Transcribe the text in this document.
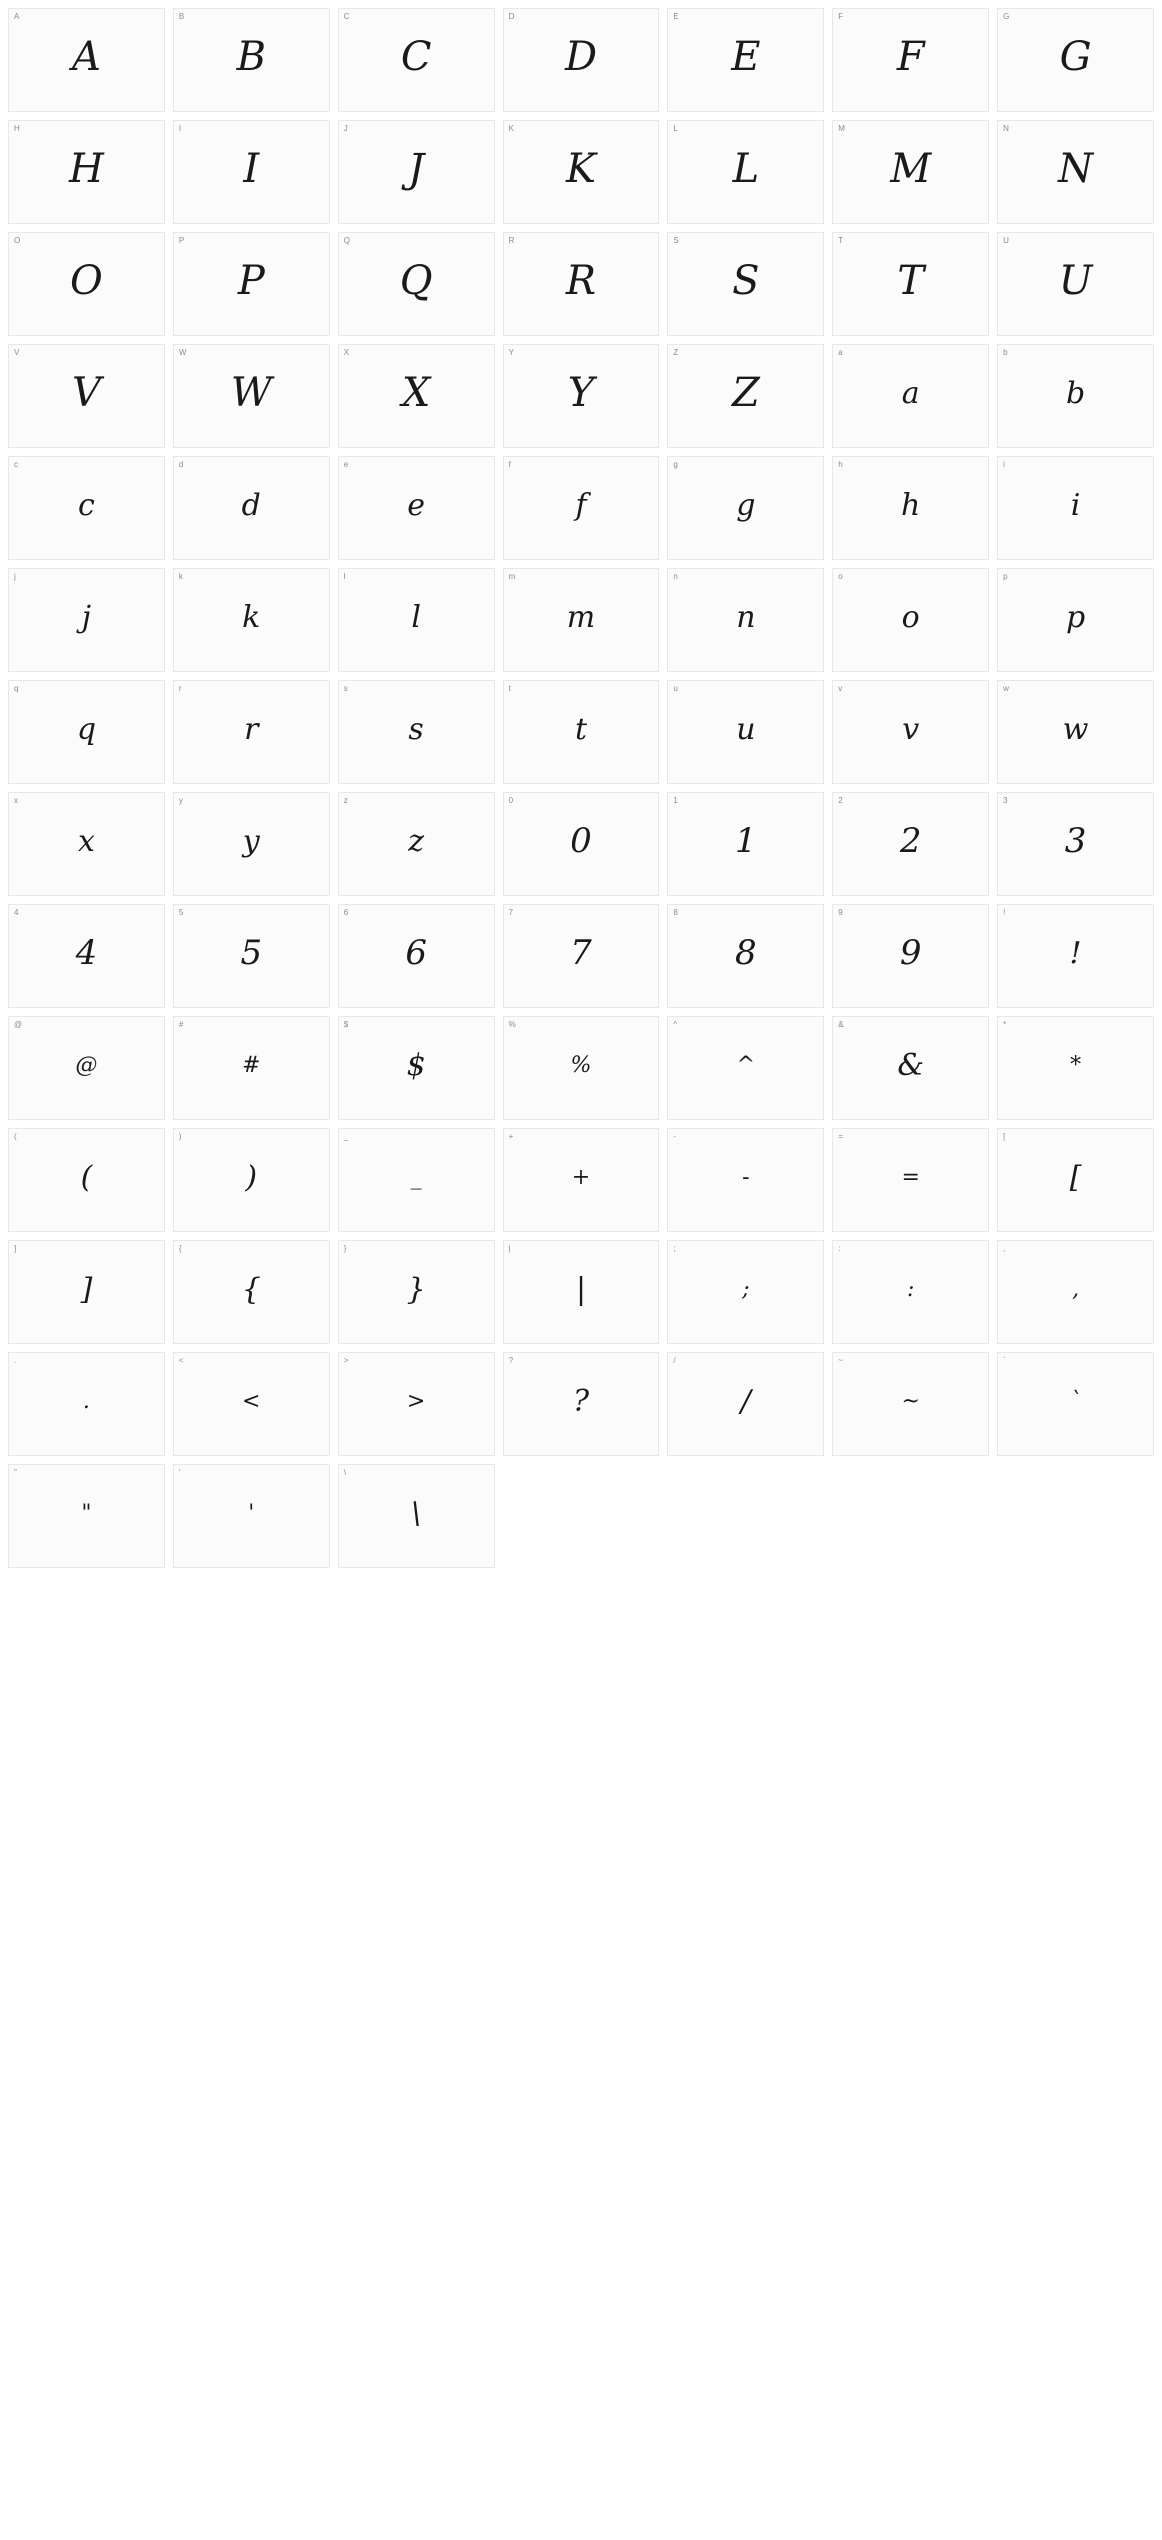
A
A
B
B
C
C
D
D
E
E
F
F
G
G
H
H
I
I
J
J
K
K
L
L
M
M
N
N
O
O
P
P
Q
Q
R
R
S
S
T
T
U
U
V
V
W
W
X
X
Y
Y
Z
Z
a
a
b
b
c
c
d
d
e
e
f
f
g
g
h
h
i
i
j
j
k
k
l
l
m
m
n
n
o
o
p
p
q
q
r
r
s
s
t
t
u
u
v
v
w
w
x
x
y
y
z
z
0
0
1
1
2
2
3
3
4
4
5
5
6
6
7
7
8
8
9
9
!
!
@
@
#
#
$
$
%
%
^
^
&
&
*
*
(
(
)
)
_
_
+
+
-
-
=
=
[
[
]
]
{
{
}
}
|
|
;
;
:
:
,
,
.
.
<
<
>
>
?
?
/
/
~
~
`
`
"
"
'
'
\
\
